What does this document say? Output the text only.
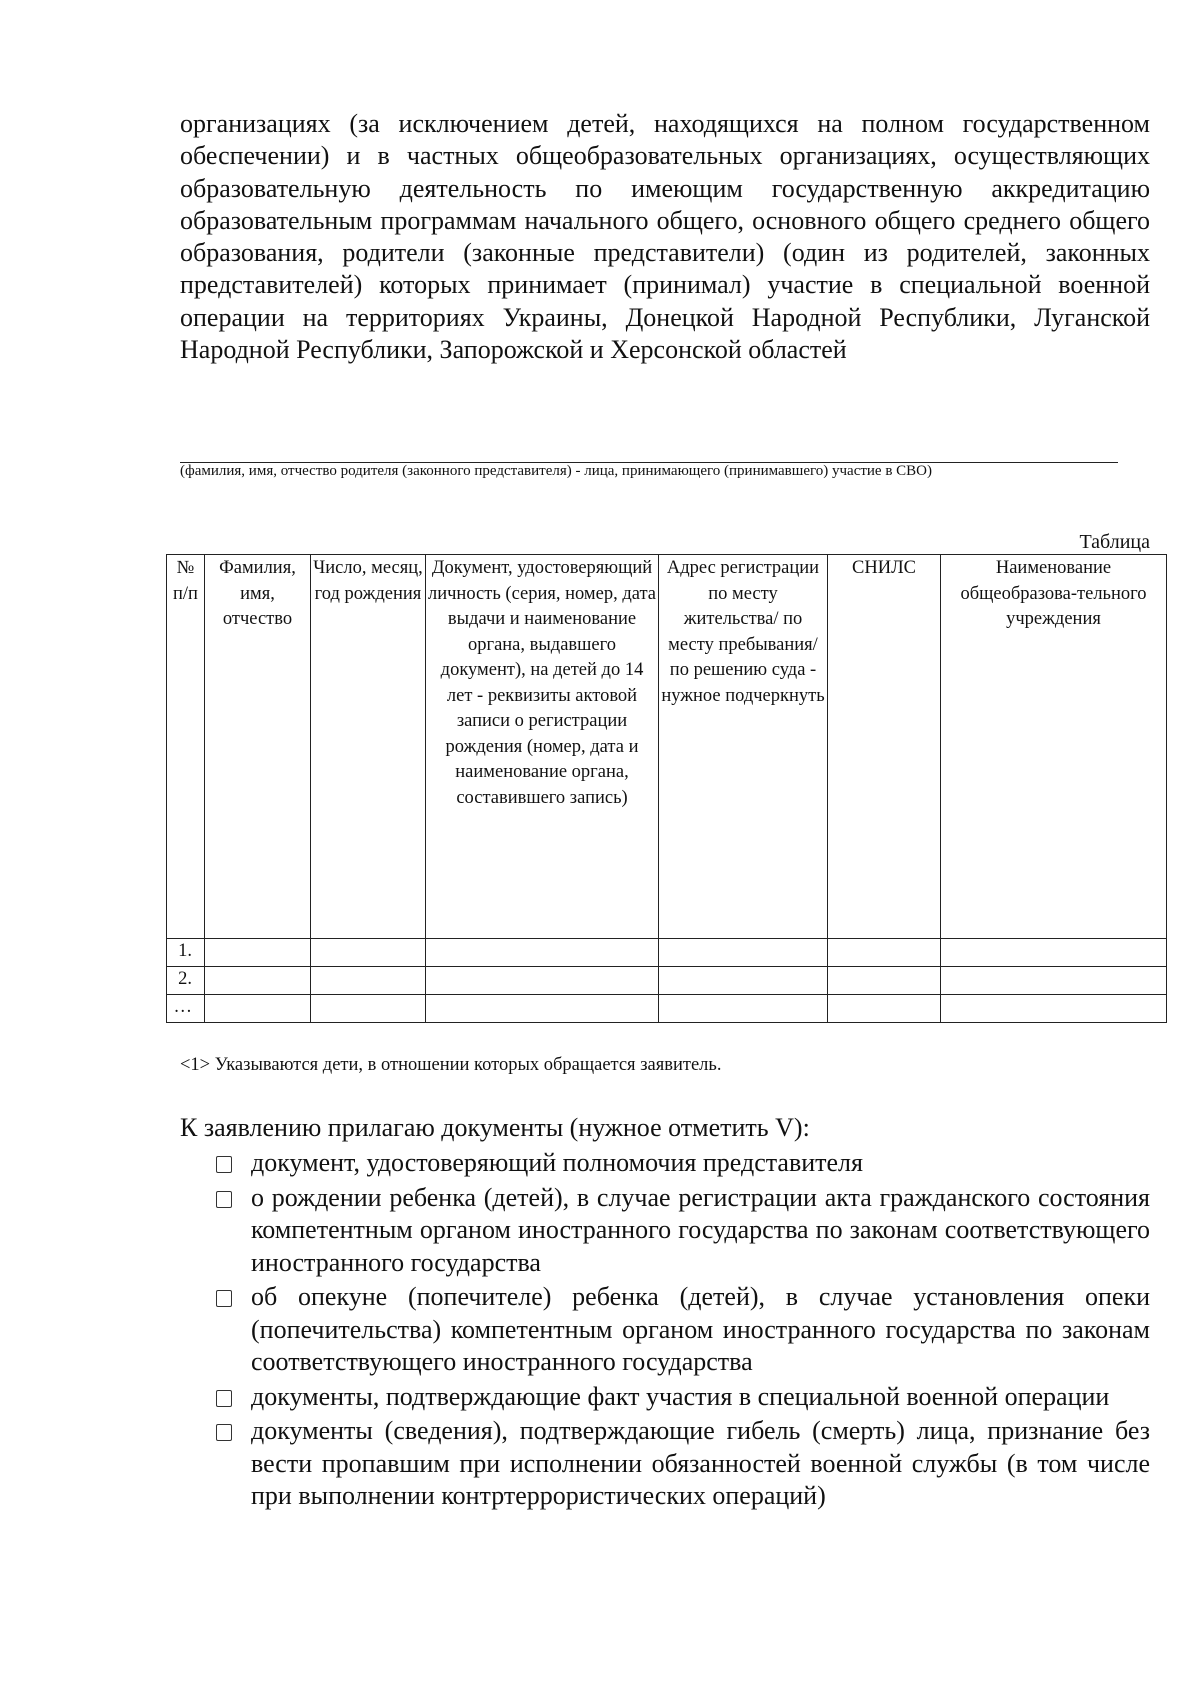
организациях (за исключением детей, находящихся на полном государственном обеспечении) и в частных общеобразовательных организациях, осуществляющих образовательную деятельность по имеющим государственную аккредитацию образовательным программам начального общего, основного общего среднего общего образования, родители (законные представители) (один из родителей, законных представителей) которых принимает (принимал) участие в специальной военной операции на территориях Украины, Донецкой Народной Республики, Луганской Народной Республики, Запорожской и Херсонской областей

(фамилия, имя, отчество родителя (законного представителя) - лица, принимающего (принимавшего) участие в СВО)
Таблица
№ п/п	Фамилия, имя, отчество	Число, месяц, год рождения	Документ, удостоверяющий личность (серия, номер, дата выдачи и наименование органа, выдавшего документ), на детей до 14 лет - реквизиты актовой записи о регистрации рождения (номер, дата и наименование органа, составившего запись)	Адрес регистрации по месту жительства/ по месту пребывания/ по решению суда - нужное подчеркнуть	СНИЛС	Наименование общеобразова-тельного учреждения
1.						
2.						
…						
<1> Указываются дети, в отношении которых обращается заявитель.
К заявлению прилагаю документы (нужное отметить V):
документ, удостоверяющий полномочия представителя
о рождении ребенка (детей), в случае регистрации акта гражданского состояния компетентным органом иностранного государства по законам соответствующего иностранного государства
об опекуне (попечителе) ребенка (детей), в случае установления опеки (попечительства) компетентным органом иностранного государства по законам соответствующего иностранного государства
документы, подтверждающие факт участия в специальной военной операции
документы (сведения), подтверждающие гибель (смерть) лица, признание без вести пропавшим при исполнении обязанностей военной службы (в том числе при выполнении контртеррористических операций)
